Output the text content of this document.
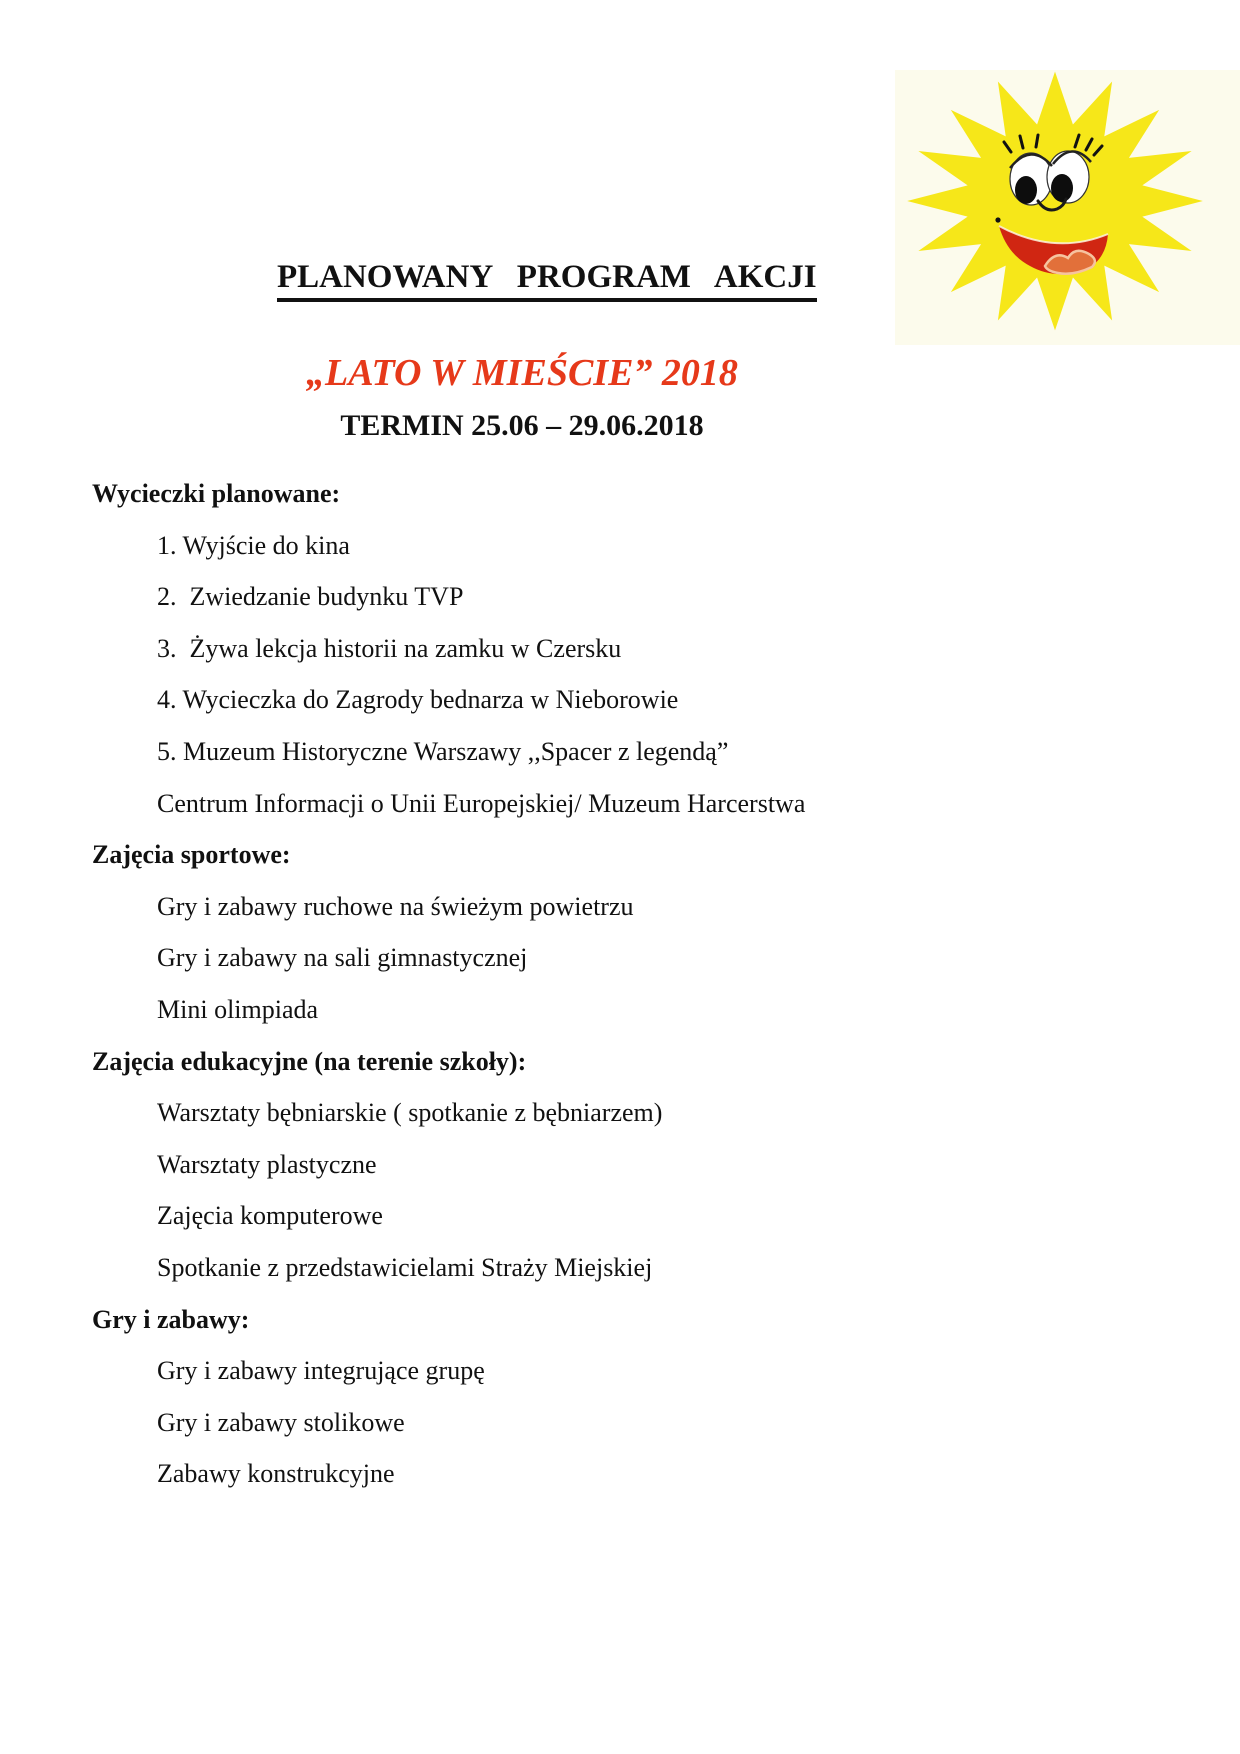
PLANOWANY   PROGRAM   AKCJI

„LATO W MIEŚCIE” 2018
TERMIN 25.06 – 29.06.2018
Wycieczki planowane:
1. Wyjście do kina
2.  Zwiedzanie budynku TVP
3.  Żywa lekcja historii na zamku w Czersku
4. Wycieczka do Zagrody bednarza w Nieborowie
5. Muzeum Historyczne Warszawy ,,Spacer z legendą”
Centrum Informacji o Unii Europejskiej/ Muzeum Harcerstwa
Zajęcia sportowe:
Gry i zabawy ruchowe na świeżym powietrzu
Gry i zabawy na sali gimnastycznej
Mini olimpiada
Zajęcia edukacyjne (na terenie szkoły):
Warsztaty bębniarskie ( spotkanie z bębniarzem)
Warsztaty plastyczne
Zajęcia komputerowe
Spotkanie z przedstawicielami Straży Miejskiej
Gry i zabawy:
Gry i zabawy integrujące grupę
Gry i zabawy stolikowe
Zabawy konstrukcyjne
